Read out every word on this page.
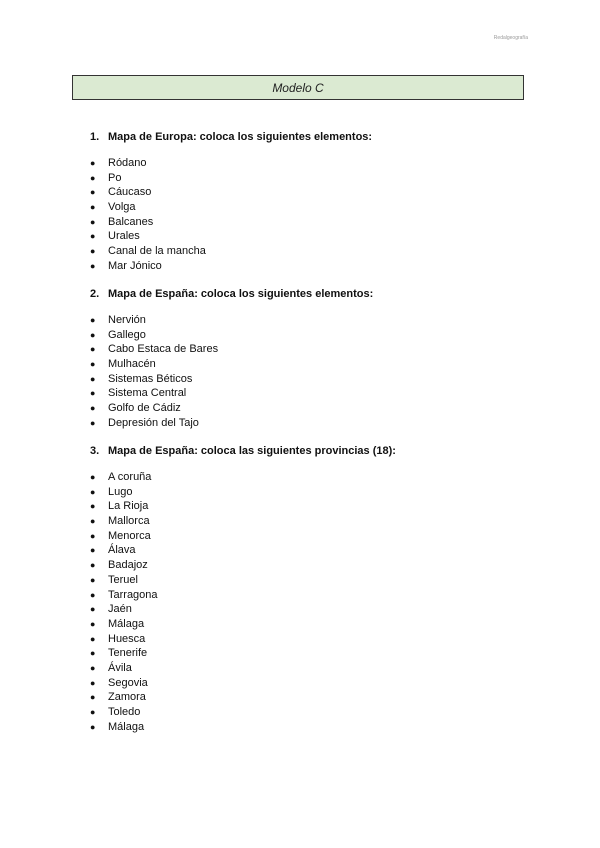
Redalgeografía
Modelo C
1. Mapa de Europa: coloca los siguientes elementos:
●	Ródano
●	Po
●	Cáucaso
●	Volga
●	Balcanes
●	Urales
●	Canal de la mancha
●	Mar Jónico
2. Mapa de España: coloca los siguientes elementos:
●	Nervión
●	Gallego
●	Cabo Estaca de Bares
●	Mulhacén
●	Sistemas Béticos
●	Sistema Central
●	Golfo de Cádiz
●	Depresión del Tajo
3. Mapa de España: coloca las siguientes provincias (18):
●	A coruña
●	Lugo
●	La Rioja
●	Mallorca
●	Menorca
●	Álava
●	Badajoz
●	Teruel
●	Tarragona
●	Jaén
●	Málaga
●	Huesca
●	Tenerife
●	Ávila
●	Segovia
●	Zamora
●	Toledo
●	Málaga
